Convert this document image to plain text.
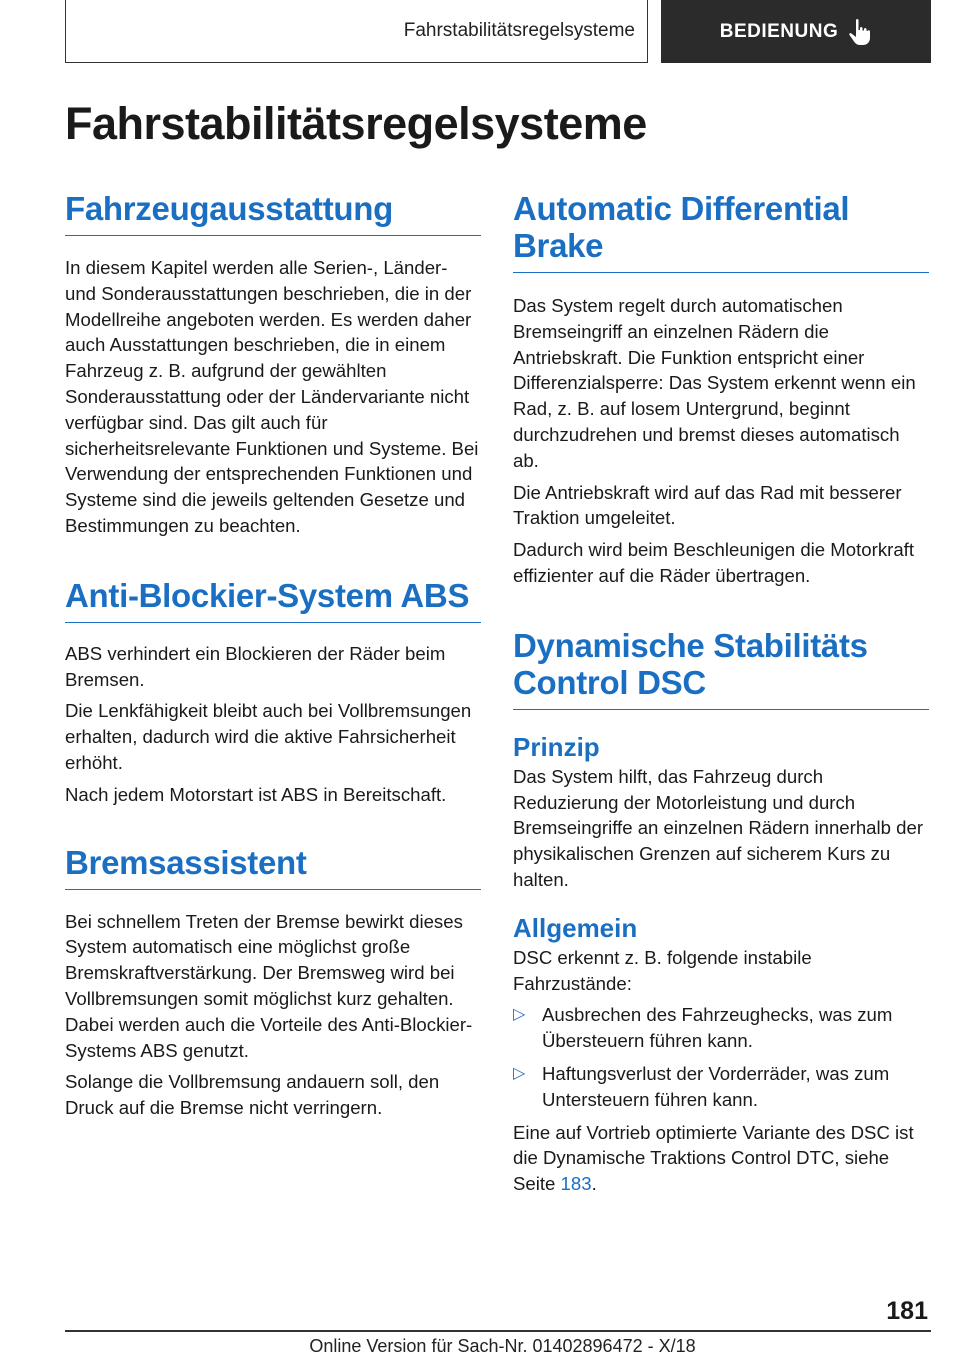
Fahrstabilitätsregelsysteme	BEDIENUNG
Fahrstabilitätsregelsysteme
Fahrzeugausstattung

In diesem Kapitel werden alle Serien-, Länder- und Sonderausstattungen beschrieben, die in der Modellreihe angeboten werden. Es werden daher auch Ausstattungen beschrieben, die in einem Fahrzeug z. B. aufgrund der gewählten Sonderausstattung oder der Ländervariante nicht verfügbar sind. Das gilt auch für sicherheitsrelevante Funktionen und Systeme. Bei Verwendung der entsprechenden Funktionen und Systeme sind die jeweils geltenden Gesetze und Bestimmungen zu beachten.

Anti-Blockier-System ABS

ABS verhindert ein Blockieren der Räder beim Bremsen.

Die Lenkfähigkeit bleibt auch bei Vollbremsungen erhalten, dadurch wird die aktive Fahrsicherheit erhöht.

Nach jedem Motorstart ist ABS in Bereitschaft.

Bremsassistent

Bei schnellem Treten der Bremse bewirkt dieses System automatisch eine möglichst große Bremskraftverstärkung. Der Bremsweg wird bei Vollbremsungen somit möglichst kurz gehalten. Dabei werden auch die Vorteile des Anti-Blockier-Systems ABS genutzt.

Solange die Vollbremsung andauern soll, den Druck auf die Bremse nicht verringern.

Automatic Differential Brake

Das System regelt durch automatischen Bremseingriff an einzelnen Rädern die Antriebskraft. Die Funktion entspricht einer Differenzialsperre: Das System erkennt wenn ein Rad, z. B. auf losem Untergrund, beginnt durchzudrehen und bremst dieses automatisch ab.

Die Antriebskraft wird auf das Rad mit besserer Traktion umgeleitet.

Dadurch wird beim Beschleunigen die Motorkraft effizienter auf die Räder übertragen.

Dynamische Stabilitäts Control DSC
Prinzip

Das System hilft, das Fahrzeug durch Reduzierung der Motorleistung und durch Bremseingriffe an einzelnen Rädern innerhalb der physikalischen Grenzen auf sicherem Kurs zu halten.

Allgemein

DSC erkennt z. B. folgende instabile Fahrzustände:

▷ Ausbrechen des Fahrzeughecks, was zum Übersteuern führen kann.
▷ Haftungsverlust der Vorderräder, was zum Untersteuern führen kann.

Eine auf Vortrieb optimierte Variante des DSC ist die Dynamische Traktions Control DTC, siehe Seite 183.

181
Online Version für Sach-Nr. 01402896472 - X/18
